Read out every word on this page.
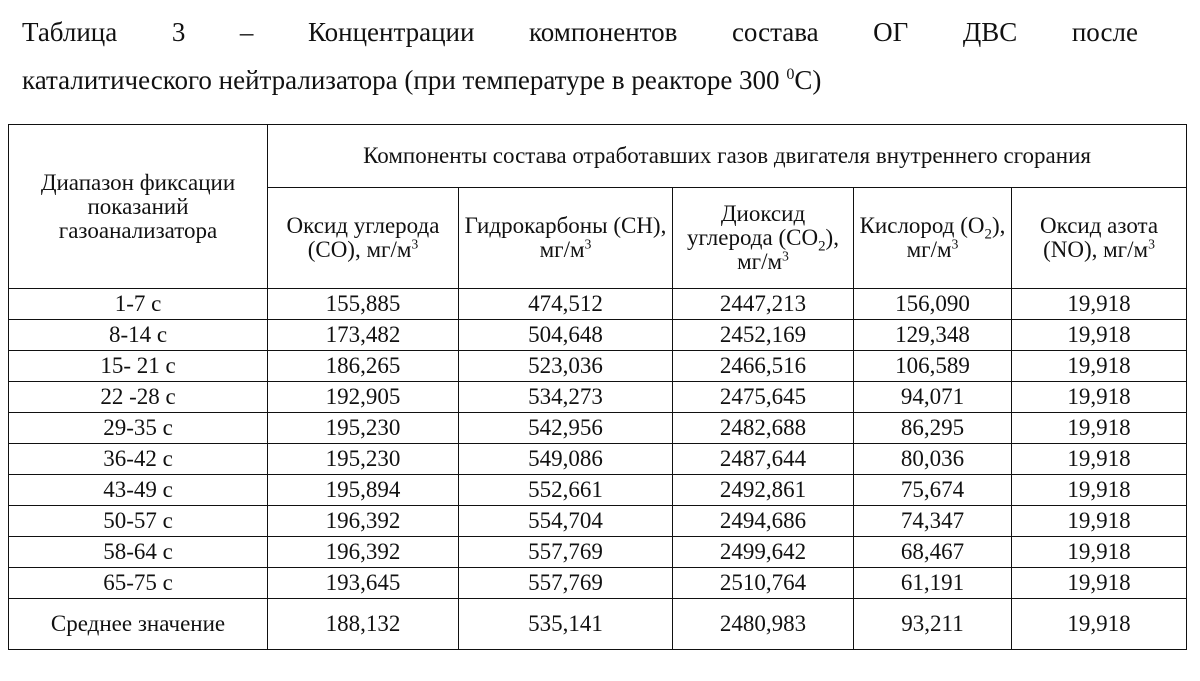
Таблица 3 – Концентрации компонентов состава ОГ ДВС после
каталитического нейтрализатора (при температуре в реакторе 300 $^0$С)
Диапазон фиксации показаний газоанализатора	Компоненты состава отработавших газов двигателя внутреннего сгорания				
	Оксид углерода (СО), $мг/м^3$	Гидрокарбоны (СН), $мг/м^3$	Диоксид углерода $(СО_2)$, $мг/м^3$	Кислород $(О_2)$, $мг/м^3$	Оксид азота (NO), $мг/м^3$
1-7 с	155,885	474,512	2447,213	156,090	19,918
8-14 с	173,482	504,648	2452,169	129,348	19,918
15- 21 с	186,265	523,036	2466,516	106,589	19,918
22 -28 с	192,905	534,273	2475,645	94,071	19,918
29-35 с	195,230	542,956	2482,688	86,295	19,918
36-42 с	195,230	549,086	2487,644	80,036	19,918
43-49 с	195,894	552,661	2492,861	75,674	19,918
50-57 с	196,392	554,704	2494,686	74,347	19,918
58-64 с	196,392	557,769	2499,642	68,467	19,918
65-75 с	193,645	557,769	2510,764	61,191	19,918
Среднее значение	188,132	535,141	2480,983	93,211	19,918
